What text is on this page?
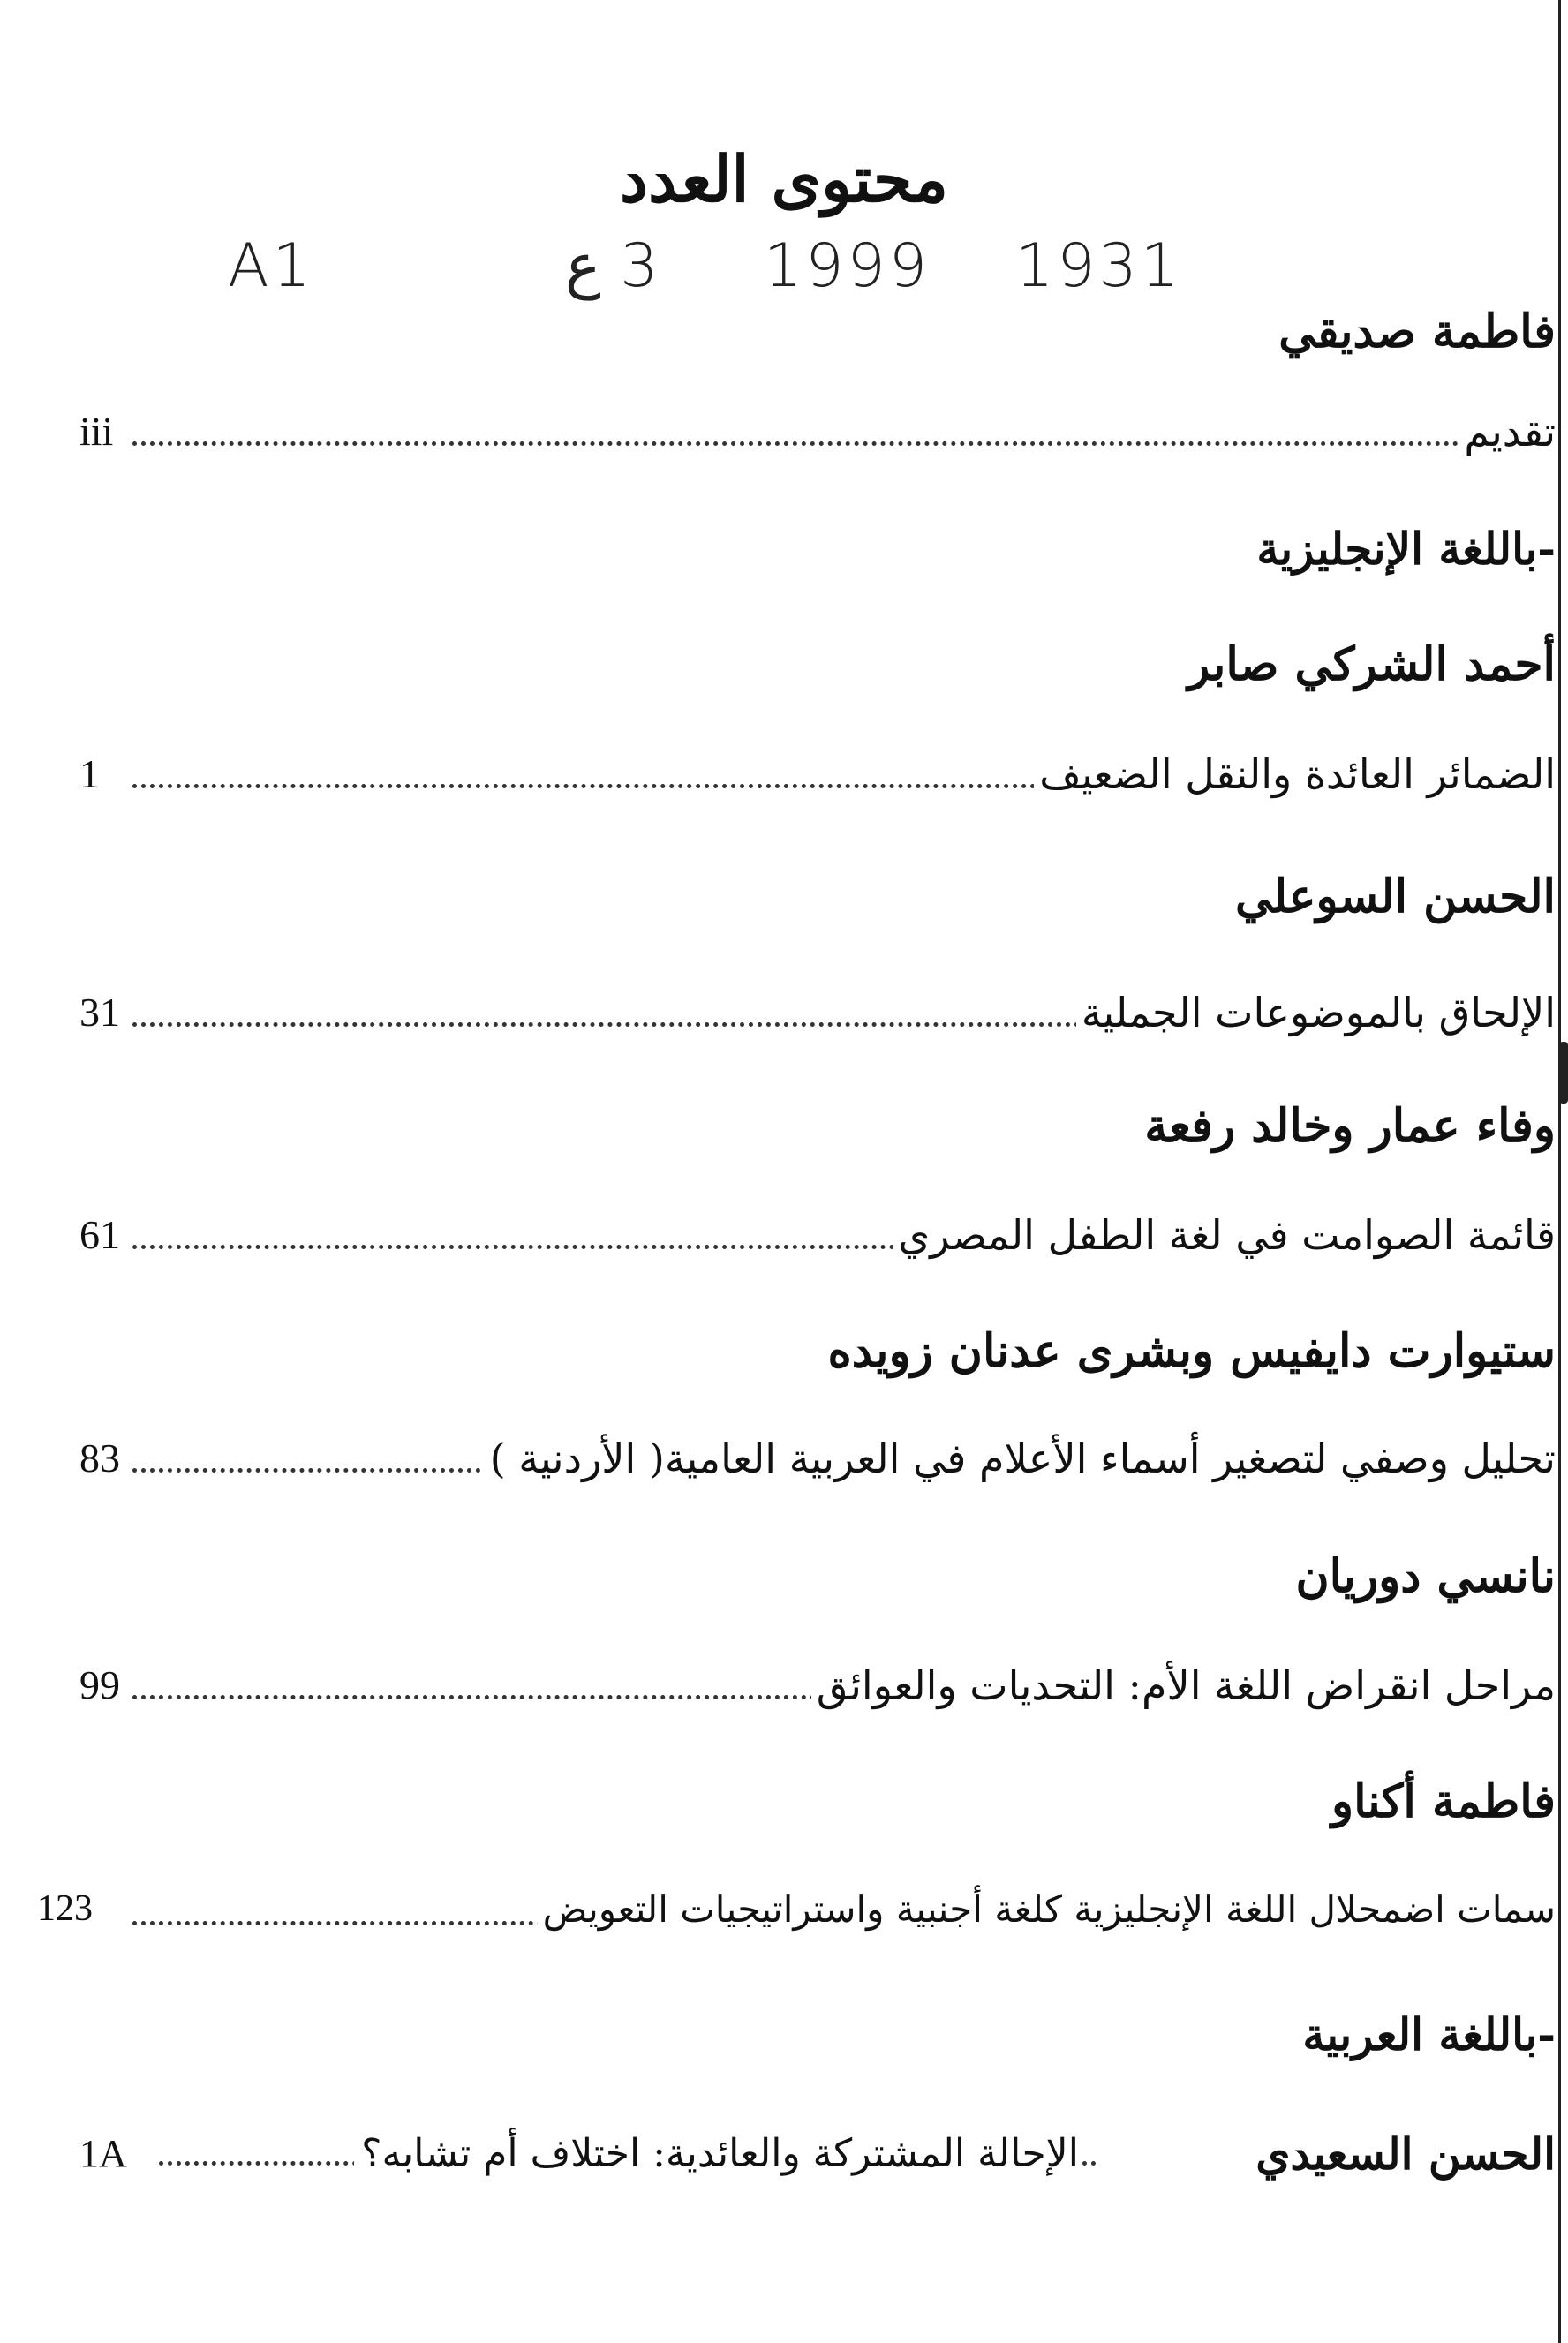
محتوى العدد
A1	3 ع 1999 1931
فاطمة صديقي
تقديم
iii
-باللغة الإنجليزية
أحمد الشركي صابر
الضمائر العائدة والنقل الضعيف
1
الحسن السوعلي
الإلحاق بالموضوعات الجملية
31
وفاء عمار وخالد رفعة
قائمة الصوامت في لغة الطفل المصري
61
ستيوارت دايفيس وبشرى عدنان زويده
تحليل وصفي لتصغير أسماء الأعلام في العربية العامية( الأردنية )
83
نانسي دوريان
مراحل انقراض اللغة الأم: التحديات والعوائق
99
فاطمة أكناو
سمات اضمحلال اللغة الإنجليزية كلغة أجنبية واستراتيجيات التعويض
123
-باللغة العربية
الحسن السعيدي
الإحالة المشتركة والعائدية: اختلاف أم تشابه؟
1A
